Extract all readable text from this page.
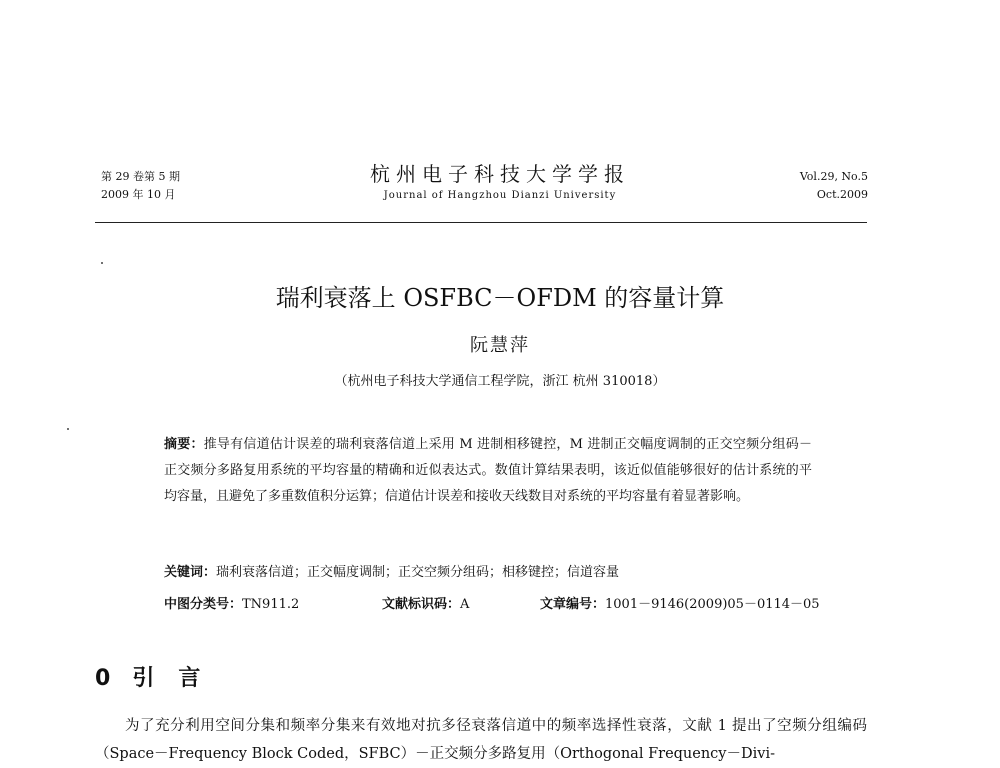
第 29 卷第 5 期
2009 年 10 月
杭州电子科技大学学报
Journal of Hangzhou Dianzi University
Vol.29, No.5
Oct.2009
瑞利衰落上 OSFBC－OFDM 的容量计算
阮慧萍
（杭州电子科技大学通信工程学院，浙江 杭州 310018）
摘要：推导有信道估计误差的瑞利衰落信道上采用 M 进制相移键控，M 进制正交幅度调制的正交空频分组码－正交频分多路复用系统的平均容量的精确和近似表达式。数值计算结果表明，该近似值能够很好的估计系统的平均容量，且避免了多重数值积分运算；信道估计误差和接收天线数目对系统的平均容量有着显著影响。
关键词：瑞利衰落信道；正交幅度调制；正交空频分组码；相移键控；信道容量
中图分类号：TN911.2	文献标识码：A	文章编号：1001－9146(2009)05－0114－05
0 引言
为了充分利用空间分集和频率分集来有效地对抗多径衰落信道中的频率选择性衰落，文献 1 提出了空频分组编码（Space－Frequency Block Coded，SFBC）－正交频分多路复用（Orthogonal Frequency－Divi-
